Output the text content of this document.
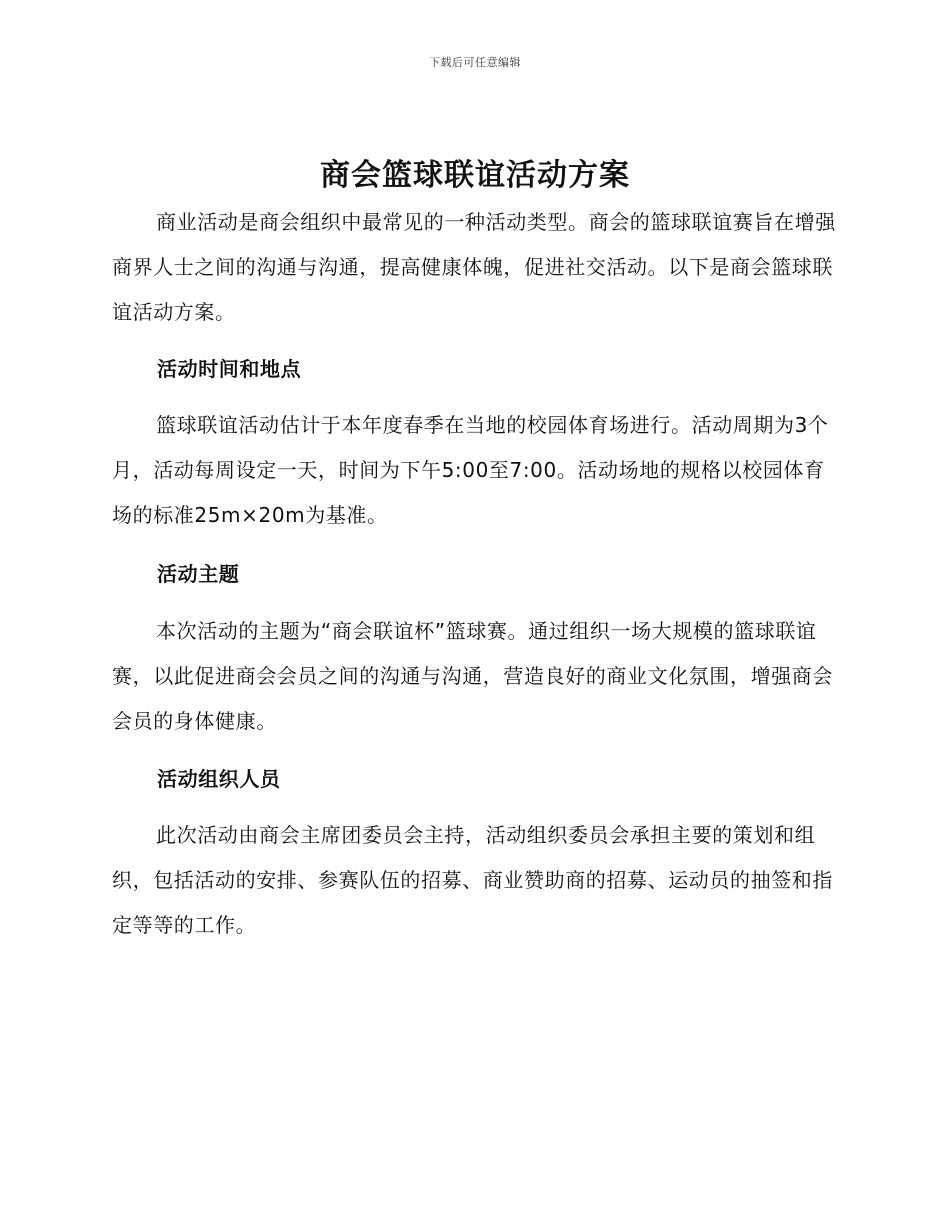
下载后可任意编辑
商会篮球联谊活动方案

商业活动是商会组织中最常见的一种活动类型。商会的篮球联谊赛旨在增强商界人士之间的沟通与沟通，提高健康体魄，促进社交活动。以下是商会篮球联谊活动方案。

活动时间和地点

篮球联谊活动估计于本年度春季在当地的校园体育场进行。活动周期为3个月，活动每周设定一天，时间为下午5:00至7:00。活动场地的规格以校园体育场的标准25m×20m为基准。

活动主题

本次活动的主题为“商会联谊杯”篮球赛。通过组织一场大规模的篮球联谊赛，以此促进商会会员之间的沟通与沟通，营造良好的商业文化氛围，增强商会会员的身体健康。

活动组织人员

此次活动由商会主席团委员会主持，活动组织委员会承担主要的策划和组织，包括活动的安排、参赛队伍的招募、商业赞助商的招募、运动员的抽签和指定等等的工作。
